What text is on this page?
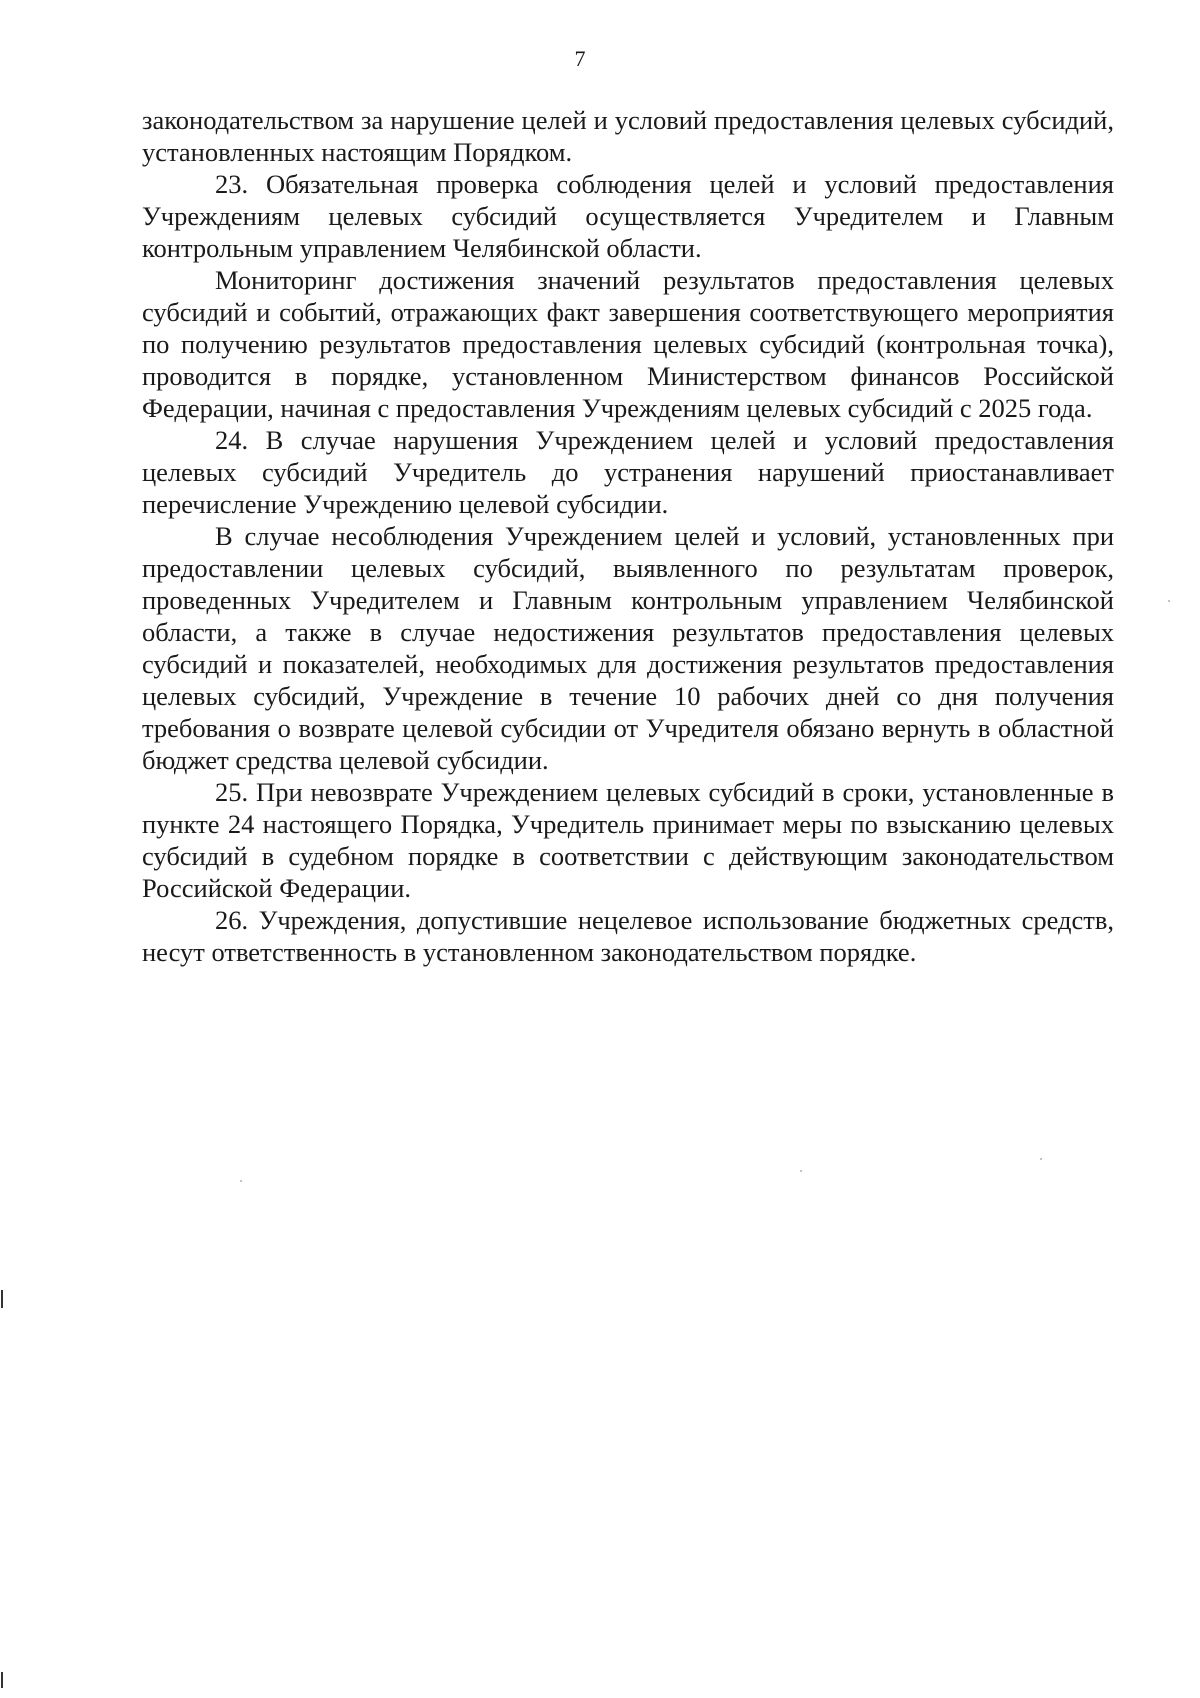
7

законодательством за нарушение целей и условий предоставления целевых субсидий, установленных настоящим Порядком.

23. Обязательная проверка соблюдения целей и условий предоставления Учреждениям целевых субсидий осуществляется Учредителем и Главным контрольным управлением Челябинской области.

Мониторинг достижения значений результатов предоставления целевых субсидий и событий, отражающих факт завершения соответствующего мероприятия по получению результатов предоставления целевых субсидий (контрольная точка), проводится в порядке, установленном Министерством финансов Российской Федерации, начиная с предоставления Учреждениям целевых субсидий с 2025 года.

24. В случае нарушения Учреждением целей и условий предоставления целевых субсидий Учредитель до устранения нарушений приостанавливает перечисление Учреждению целевой субсидии.

В случае несоблюдения Учреждением целей и условий, установленных при предоставлении целевых субсидий, выявленного по результатам проверок, проведенных Учредителем и Главным контрольным управлением Челябинской области, а также в случае недостижения результатов предоставления целевых субсидий и показателей, необходимых для достижения результатов предоставления целевых субсидий, Учреждение в течение 10 рабочих дней со дня получения требования о возврате целевой субсидии от Учредителя обязано вернуть в областной бюджет средства целевой субсидии.

25. При невозврате Учреждением целевых субсидий в сроки, установленные в пункте 24 настоящего Порядка, Учредитель принимает меры по взысканию целевых субсидий в судебном порядке в соответствии с действующим законодательством Российской Федерации.

26. Учреждения, допустившие нецелевое использование бюджетных средств, несут ответственность в установленном законодательством порядке.
